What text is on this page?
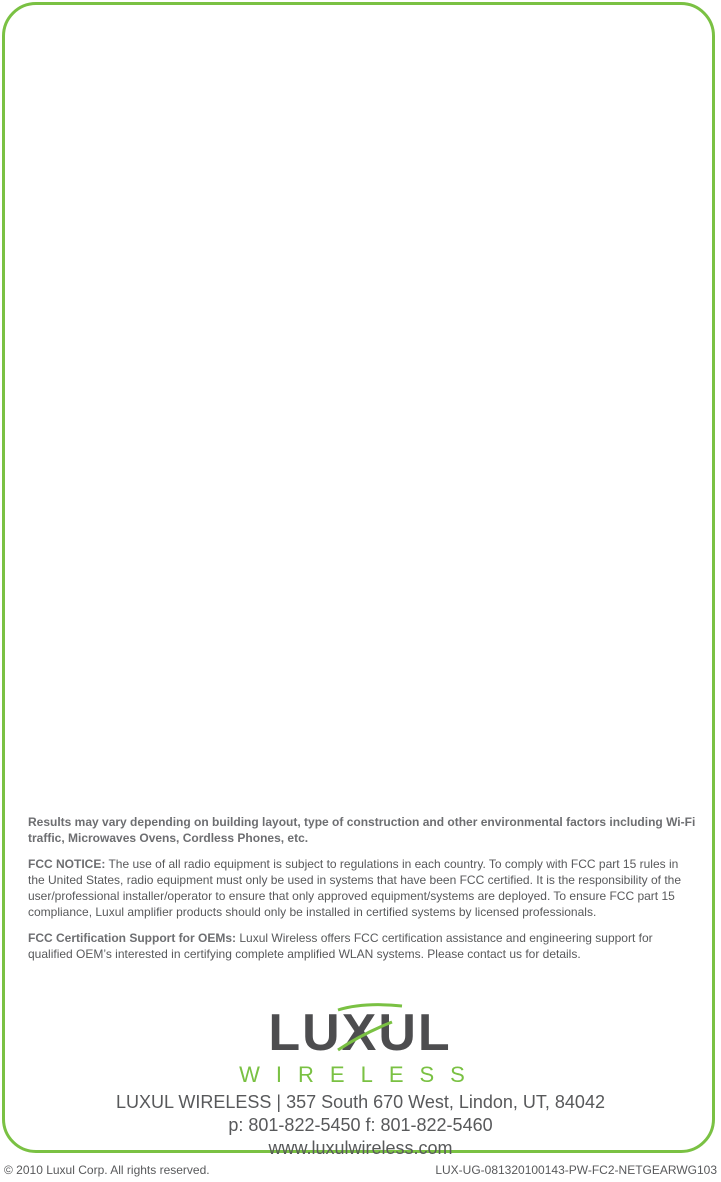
Results may vary depending on building layout, type of construction and other environmental factors including Wi-Fi traffic, Microwaves Ovens, Cordless Phones, etc.

FCC NOTICE: The use of all radio equipment is subject to regulations in each country. To comply with FCC part 15 rules in the United States, radio equipment must only be used in systems that have been FCC certified. It is the responsibility of the user/professional installer/operator to ensure that only approved equipment/systems are deployed. To ensure FCC part 15 compliance, Luxul amplifier products should only be installed in certified systems by licensed professionals.

FCC Certification Support for OEMs: Luxul Wireless offers FCC certification assistance and engineering support for qualified OEM’s interested in certifying complete amplified WLAN systems. Please contact us for details.

LUXUL
WIRELESS
LUXUL WIRELESS | 357 South 670 West, Lindon, UT, 84042
p: 801-822-5450 f: 801-822-5460
www.luxulwireless.com
© 2010 Luxul Corp. All rights reserved.	LUX-UG-081320100143-PW-FC2-NETGEARWG103
